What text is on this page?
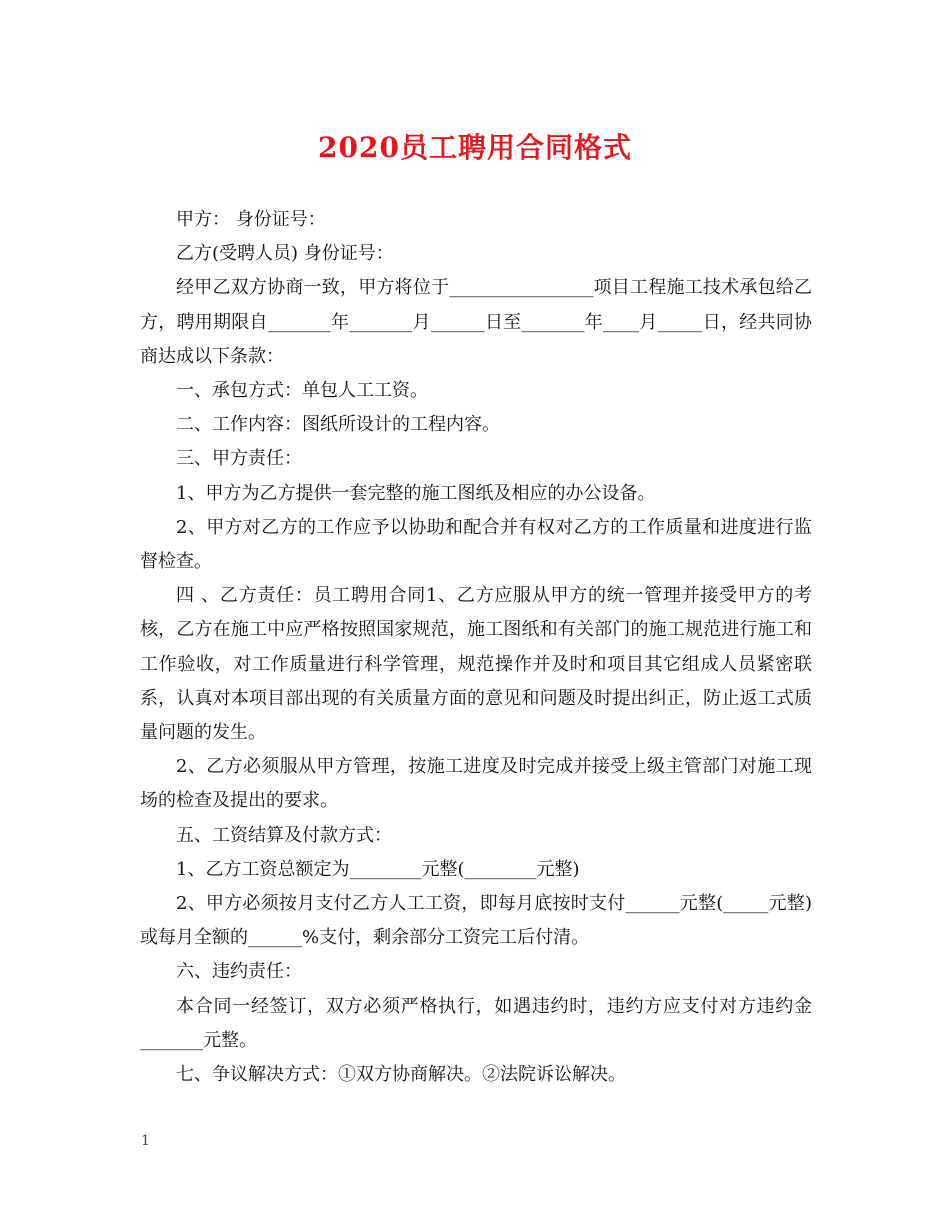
2020员工聘用合同格式

甲方： 身份证号：

乙方(受聘人员) 身份证号：

经甲乙双方协商一致，甲方将位于________________项目工程施工技术承包给乙方，聘用期限自_______年_______月______日至_______年____月_____日，经共同协商达成以下条款：

一、承包方式：单包人工工资。

二、工作内容：图纸所设计的工程内容。

三、甲方责任：

1、甲方为乙方提供一套完整的施工图纸及相应的办公设备。

2、甲方对乙方的工作应予以协助和配合并有权对乙方的工作质量和进度进行监督检查。

四 、乙方责任：员工聘用合同1、乙方应服从甲方的统一管理并接受甲方的考核，乙方在施工中应严格按照国家规范，施工图纸和有关部门的施工规范进行施工和工作验收，对工作质量进行科学管理，规范操作并及时和项目其它组成人员紧密联系，认真对本项目部出现的有关质量方面的意见和问题及时提出纠正，防止返工式质量问题的发生。

2、乙方必须服从甲方管理，按施工进度及时完成并接受上级主管部门对施工现场的检查及提出的要求。

五、工资结算及付款方式：

1、乙方工资总额定为________元整(________元整)

2、甲方必须按月支付乙方人工工资，即每月底按时支付______元整(_____元整)或每月全额的______%支付，剩余部分工资完工后付清。

六、违约责任：

本合同一经签订，双方必须严格执行，如遇违约时，违约方应支付对方违约金_______元整。

七、争议解决方式：①双方协商解决。②法院诉讼解决。

1
